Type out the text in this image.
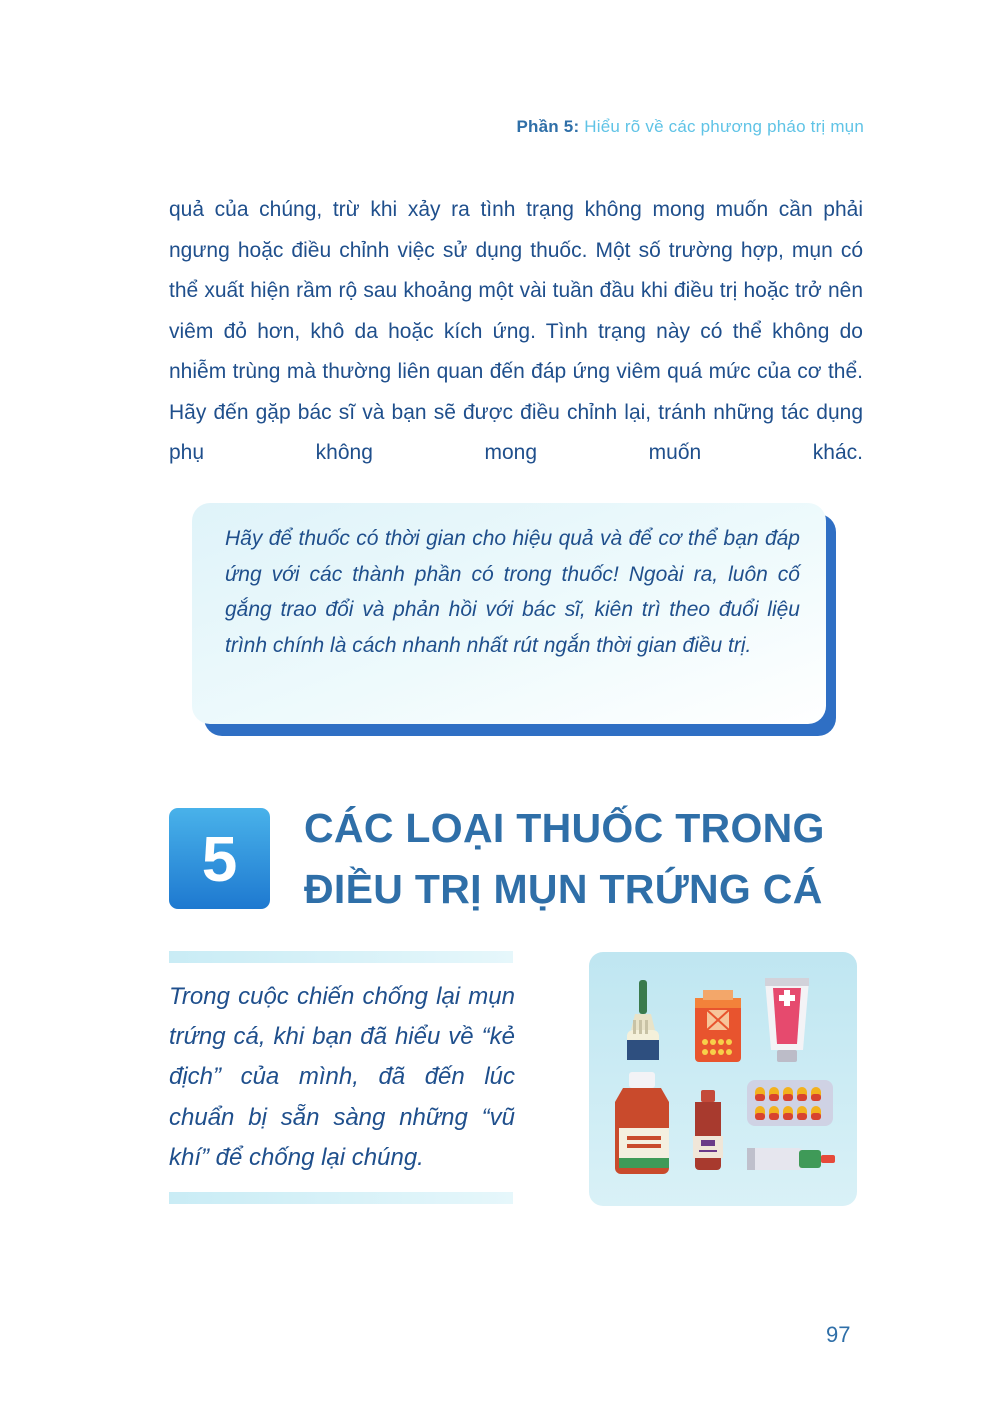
Phần 5: Hiểu rõ về các phương pháo trị mụn

quả của chúng, trừ khi xảy ra tình trạng không mong muốn cần phải ngưng hoặc điều chỉnh việc sử dụng thuốc. Một số trường hợp, mụn có thể xuất hiện rầm rộ sau khoảng một vài tuần đầu khi điều trị hoặc trở nên viêm đỏ hơn, khô da hoặc kích ứng. Tình trạng này có thể không do nhiễm trùng mà thường liên quan đến đáp ứng viêm quá mức của cơ thể. Hãy đến gặp bác sĩ và bạn sẽ được điều chỉnh lại, tránh những tác dụng phụ không mong muốn khác.

Hãy để thuốc có thời gian cho hiệu quả và để cơ thể bạn đáp ứng với các thành phần có trong thuốc! Ngoài ra, luôn cố gắng trao đổi và phản hồi với bác sĩ, kiên trì theo đuổi liệu trình chính là cách nhanh nhất rút ngắn thời gian điều trị.

5	CÁC LOẠI THUỐC TRONG
ĐIỀU TRỊ MỤN TRỨNG CÁ

Trong cuộc chiến chống lại mụn trứng cá, khi bạn đã hiểu về “kẻ địch” của mình, đã đến lúc chuẩn bị sẵn sàng những “vũ khí” để chống lại chúng.

97
